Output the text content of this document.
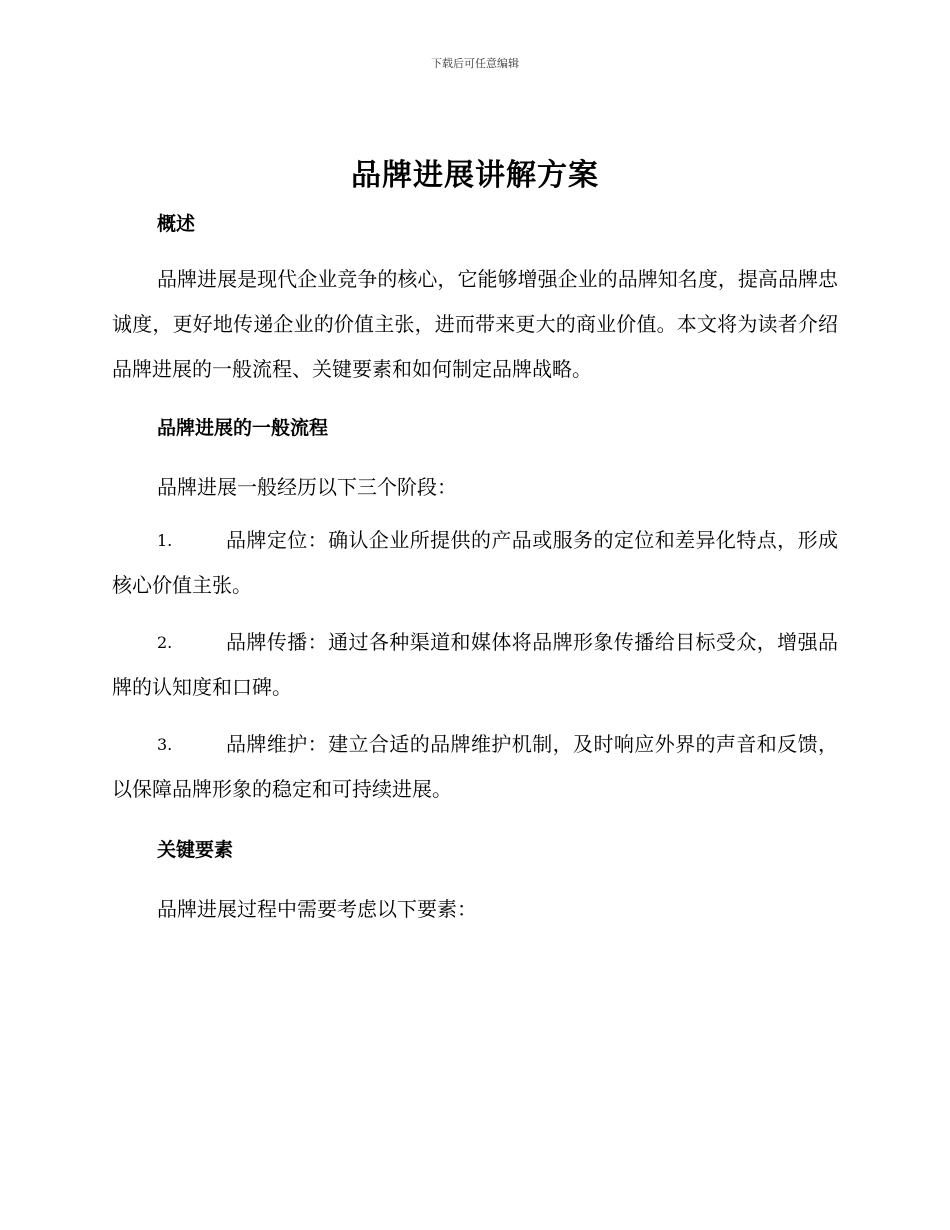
下载后可任意编辑
品牌进展讲解方案
概述
品牌进展是现代企业竞争的核心，它能够增强企业的品牌知名度，提高品牌忠诚度，更好地传递企业的价值主张，进而带来更大的商业价值。本文将为读者介绍品牌进展的一般流程、关键要素和如何制定品牌战略。
品牌进展的一般流程
品牌进展一般经历以下三个阶段：
1.	品牌定位：确认企业所提供的产品或服务的定位和差异化特点，形成核心价值主张。
2.	品牌传播：通过各种渠道和媒体将品牌形象传播给目标受众，增强品牌的认知度和口碑。
3.	品牌维护：建立合适的品牌维护机制，及时响应外界的声音和反馈，以保障品牌形象的稳定和可持续进展。
关键要素
品牌进展过程中需要考虑以下要素：
